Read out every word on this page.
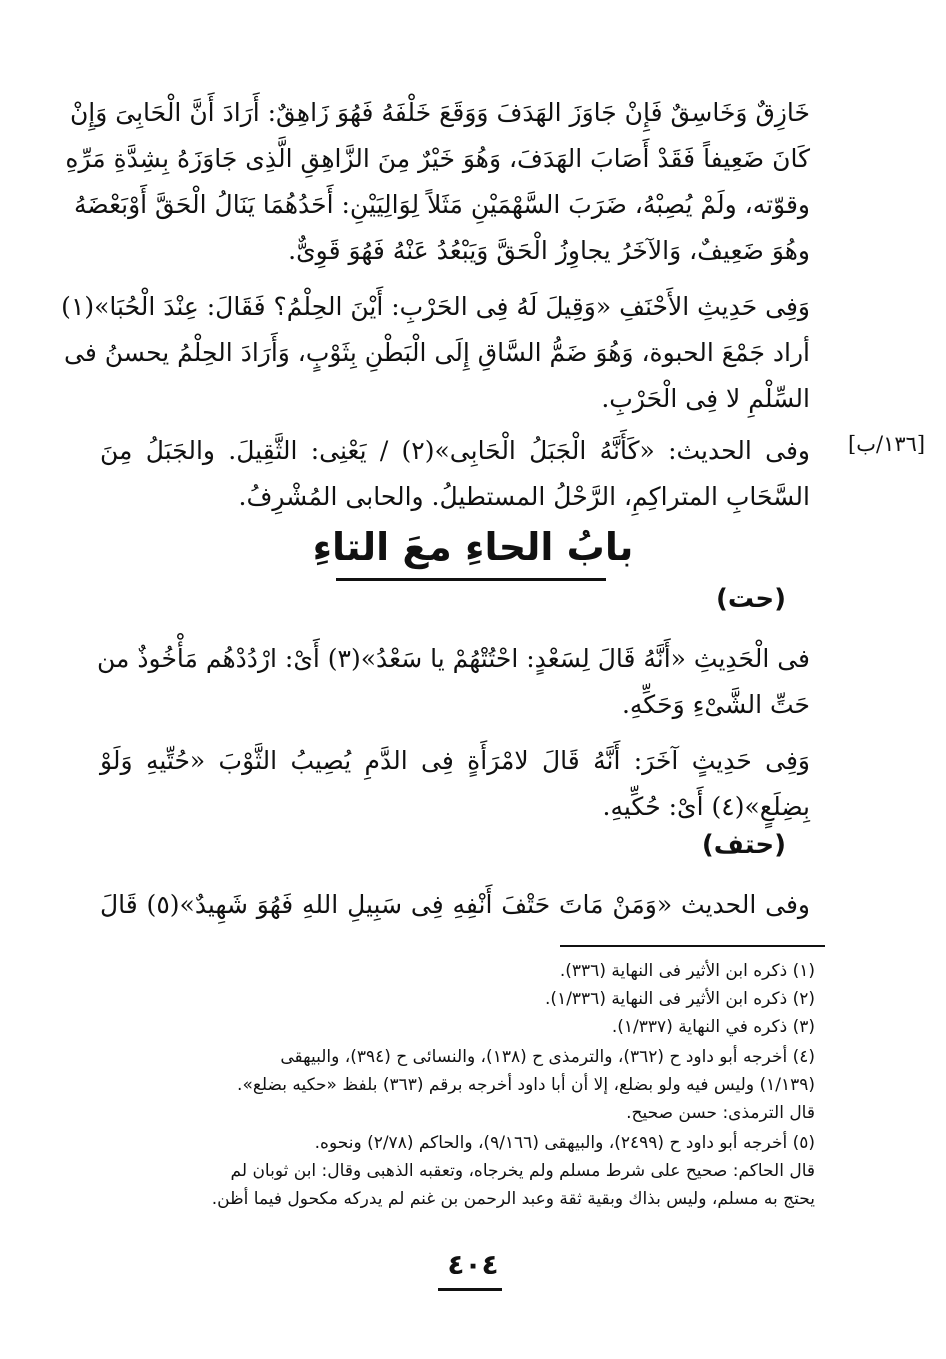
خَازِقٌ وَخَاسِقٌ فَإِنْ جَاوَزَ الهَدَفَ وَوَقَعَ خَلْفَهُ فَهُوَ زَاهِقٌ: أَرَادَ أَنَّ الْحَابِىَ وَإِنْ
كَانَ ضَعِيفاً فَقَدْ أَصَابَ الهَدَفَ، وَهُوَ خَيْرٌ مِنَ الزَّاهِقِ الَّذِى جَاوَزَهُ بِشِدَّةِ مَرِّهِ
وقوّته، ولَمْ يُصِبْهُ، ضَرَبَ السَّهْمَيْنِ مَثَلاً لِوَالِيَيْنِ: أَحَدُهُمَا يَنَالُ الْحَقَّ أَوْبَعْضَهُ
وهُوَ ضَعِيفٌ، وَالآخَرُ يجاوِزُ الْحَقَّ وَيَبْعُدُ عَنْهُ فَهُوَ قَوِىٌّ.
وَفِى حَدِيثِ الأَحْنَفِ «وَقِيلَ لَهُ فِى الحَرْبِ: أَيْنَ الحِلْمُ؟ فَقَالَ: عِنْدَ الْحُبَا»(١)
أراد جَمْعَ الحبوة، وَهُوَ ضَمُّ السَّاقِ إِلَى الْبَطْنِ بِثَوْبٍ، وَأَرَادَ الحِلْمُ يحسنُ فى
السِّلْمِ لا فِى الْحَرْبِ.
[١٣٦/ب]
وفى الحديث: «كَأَنَّهُ الْجَبَلُ الْحَابِى»(٢) / يَعْنِى: الثَّقِيلَ. والجَبَلُ مِنَ
السَّحَابِ المتراكِمِ، الرَّحْلُ المستطيلُ. والحابى المُشْرِفُ.
بابُ الحاءِ معَ التاءِ
(حت)
فى الْحَدِيثِ «أَنَّهُ قَالَ لِسَعْدٍ: احْتُتْهُمْ يا سَعْدُ»(٣) أَىْ: ارْدُدْهُم مَأْخُوذٌ من
حَتِّ الشَّىْءِ وَحَكِّهِ.
وَفِى حَدِيثٍ آخَرَ: أَنَّهُ قَالَ لامْرَأَةٍ فِى الدَّمِ يُصِيبُ الثَّوْبَ «حُتِّيهِ وَلَوْ
بِضِلَعٍ»(٤) أَىْ: حُكِّيهِ.
(حتف)
وفى الحديث «وَمَنْ مَاتَ حَتْفَ أَنْفِهِ فِى سَبِيلِ اللهِ فَهُوَ شَهِيدٌ»(٥) قَالَ
(١) ذكره ابن الأثير فى النهاية (٣٣٦).
(٢) ذكره ابن الأثير فى النهاية (١/٣٣٦).
(٣) ذكره في النهاية (١/٣٣٧).
(٤) أخرجه أبو داود ح (٣٦٢)، والترمذى ح (١٣٨)، والنسائى ح (٣٩٤)، والبيهقى
(١/١٣٩) وليس فيه ولو بضلع، إلا أن أبا داود أخرجه برقم (٣٦٣) بلفظ «حكيه بضلع».
قال الترمذى: حسن صحيح.
(٥) أخرجه أبو داود ح (٢٤٩٩)، والبيهقى (٩/١٦٦)، والحاكم (٢/٧٨) ونحوه.
قال الحاكم: صحيح على شرط مسلم ولم يخرجاه، وتعقبه الذهبى وقال: ابن ثوبان لم
يحتج به مسلم، وليس بذاك وبقية ثقة وعبد الرحمن بن غنم لم يدركه مكحول فيما أظن.
٤٠٤
